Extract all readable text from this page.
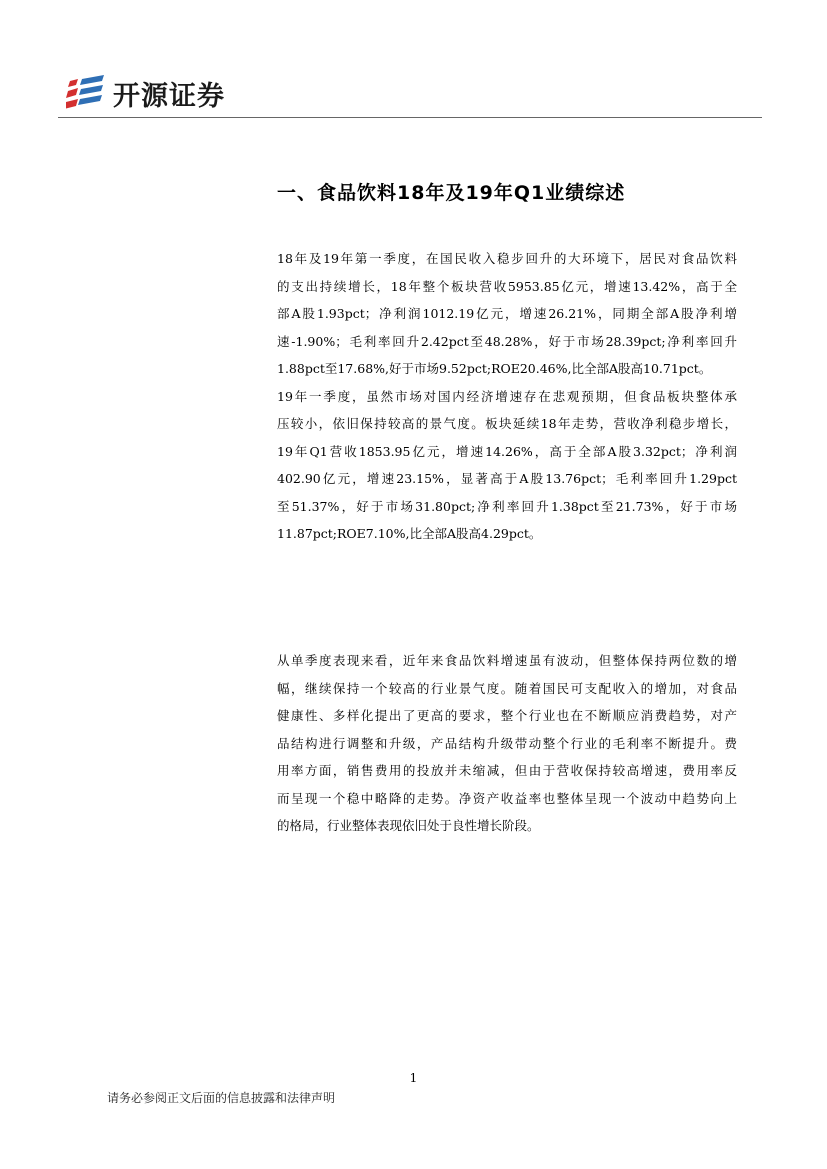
开源证券
一、食品饮料18年及19年Q1业绩综述
18年及19年第一季度，在国民收入稳步回升的大环境下，居民对食品饮料
的支出持续增长，18年整个板块营收5953.85亿元，增速13.42%，高于全
部A股1.93pct；净利润1012.19亿元，增速26.21%，同期全部A股净利增
速-1.90%；毛利率回升2.42pct至48.28%，好于市场28.39pct;净利率回升
1.88pct至17.68%,好于市场9.52pct;ROE20.46%,比全部A股高10.71pct。
19年一季度，虽然市场对国内经济增速存在悲观预期，但食品板块整体承
压较小，依旧保持较高的景气度。板块延续18年走势，营收净利稳步增长，
19年Q1营收1853.95亿元，增速14.26%，高于全部A股3.32pct；净利润
402.90亿元，增速23.15%，显著高于A股13.76pct；毛利率回升1.29pct
至51.37%，好于市场31.80pct;净利率回升1.38pct至21.73%，好于市场
11.87pct;ROE7.10%,比全部A股高4.29pct。
从单季度表现来看，近年来食品饮料增速虽有波动，但整体保持两位数的增
幅，继续保持一个较高的行业景气度。随着国民可支配收入的增加，对食品
健康性、多样化提出了更高的要求，整个行业也在不断顺应消费趋势，对产
品结构进行调整和升级，产品结构升级带动整个行业的毛利率不断提升。费
用率方面，销售费用的投放并未缩减，但由于营收保持较高增速，费用率反
而呈现一个稳中略降的走势。净资产收益率也整体呈现一个波动中趋势向上
的格局，行业整体表现依旧处于良性增长阶段。
1
请务必参阅正文后面的信息披露和法律声明
